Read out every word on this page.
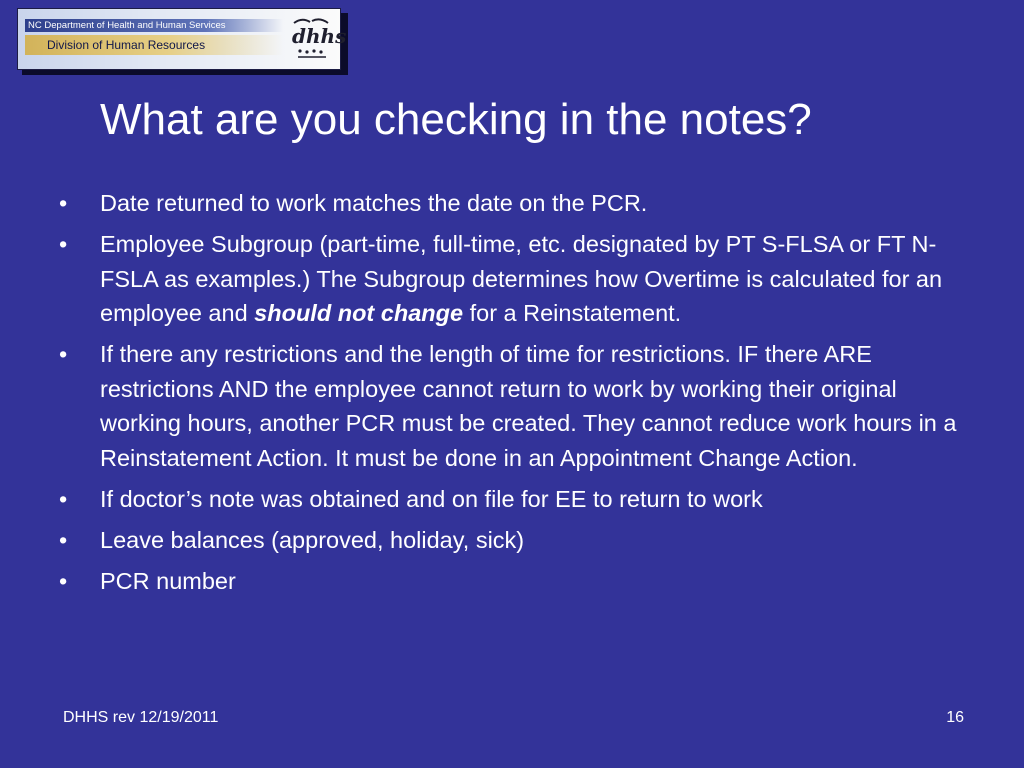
NC Department of Health and Human Services
Division of Human Resources	dhhs
What are you checking in the notes?
• Date returned to work matches the date on the PCR.
• Employee Subgroup (part-time, full-time, etc. designated by PT S-FLSA or FT N-FSLA as examples.) The Subgroup determines how Overtime is calculated for an employee and should not change for a Reinstatement.
• If there any restrictions and the length of time for restrictions. IF there ARE restrictions AND the employee cannot return to work by working their original working hours, another PCR must be created. They cannot reduce work hours in a Reinstatement Action. It must be done in an Appointment Change Action.
• If doctor’s note was obtained and on file for EE to return to work
• Leave balances (approved, holiday, sick)
• PCR number
DHHS rev 12/19/2011	16
